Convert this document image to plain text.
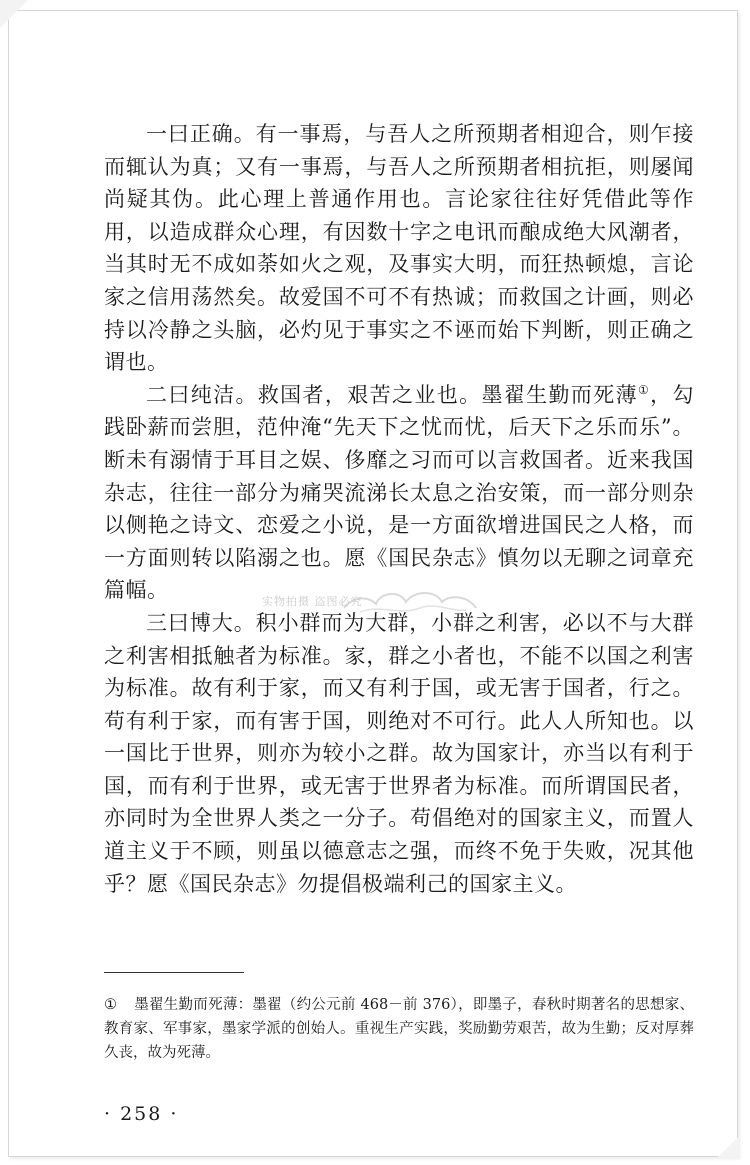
一曰正确。有一事焉，与吾人之所预期者相迎合，则乍接而辄认为真；又有一事焉，与吾人之所预期者相抗拒，则屡闻尚疑其伪。此心理上普通作用也。言论家往往好凭借此等作用，以造成群众心理，有因数十字之电讯而酿成绝大风潮者，当其时无不成如荼如火之观，及事实大明，而狂热顿熄，言论家之信用荡然矣。故爱国不可不有热诚；而救国之计画，则必持以冷静之头脑，必灼见于事实之不诬而始下判断，则正确之谓也。

二曰纯洁。救国者，艰苦之业也。墨翟生勤而死薄①，勾践卧薪而尝胆，范仲淹“先天下之忧而忧，后天下之乐而乐”。断未有溺情于耳目之娱、侈靡之习而可以言救国者。近来我国杂志，往往一部分为痛哭流涕长太息之治安策，而一部分则杂以侧艳之诗文、恋爱之小说，是一方面欲增进国民之人格，而一方面则转以陷溺之也。愿《国民杂志》慎勿以无聊之词章充篇幅。

三曰博大。积小群而为大群，小群之利害，必以不与大群之利害相抵触者为标准。家，群之小者也，不能不以国之利害为标准。故有利于家，而又有利于国，或无害于国者，行之。苟有利于家，而有害于国，则绝对不可行。此人人所知也。以一国比于世界，则亦为较小之群。故为国家计，亦当以有利于国，而有利于世界，或无害于世界者为标准。而所谓国民者，亦同时为全世界人类之一分子。苟倡绝对的国家主义，而置人道主义于不顾，则虽以德意志之强，而终不免于失败，况其他乎？愿《国民杂志》勿提倡极端利己的国家主义。

实物拍摄 盗图必究

① 墨翟生勤而死薄：墨翟（约公元前 468－前 376），即墨子，春秋时期著名的思想家、教育家、军事家，墨家学派的创始人。重视生产实践，奖励勤劳艰苦，故为生勤；反对厚葬久丧，故为死薄。

· 258 ·
